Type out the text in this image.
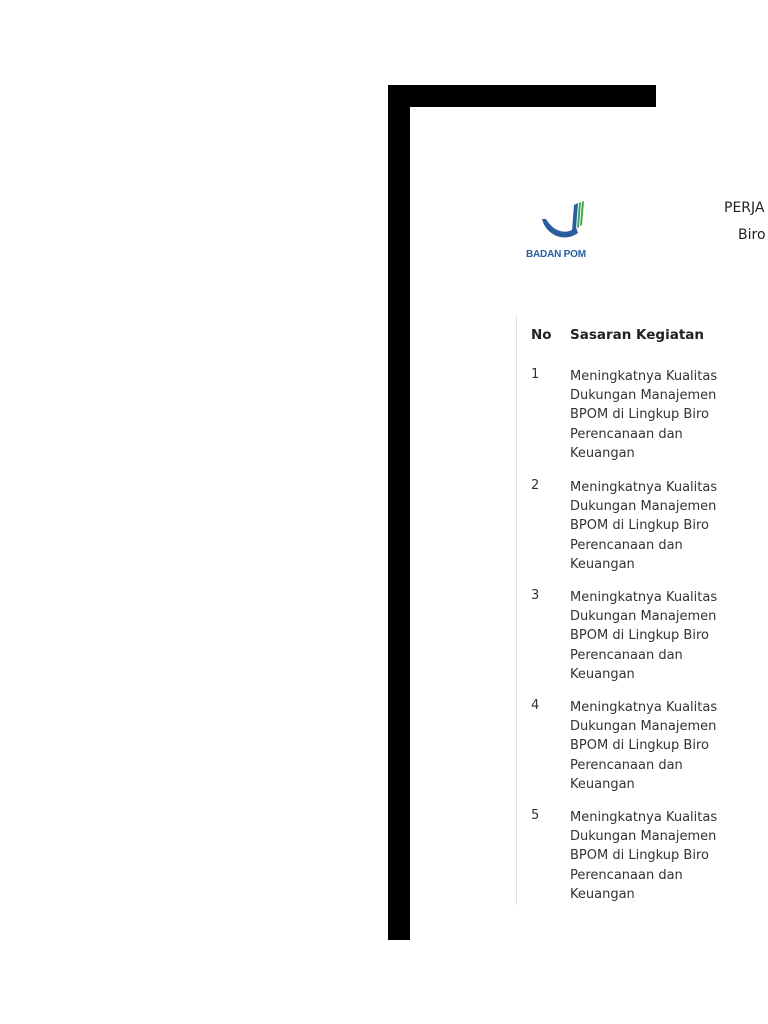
BADAN POM
PERJA
Biro
No Sasaran Kegiatan
1 Meningkatnya Kualitas
Dukungan Manajemen
BPOM di Lingkup Biro
Perencanaan dan
Keuangan
2 Meningkatnya Kualitas
Dukungan Manajemen
BPOM di Lingkup Biro
Perencanaan dan
Keuangan
3 Meningkatnya Kualitas
Dukungan Manajemen
BPOM di Lingkup Biro
Perencanaan dan
Keuangan
4 Meningkatnya Kualitas
Dukungan Manajemen
BPOM di Lingkup Biro
Perencanaan dan
Keuangan
5 Meningkatnya Kualitas
Dukungan Manajemen
BPOM di Lingkup Biro
Perencanaan dan
Keuangan
